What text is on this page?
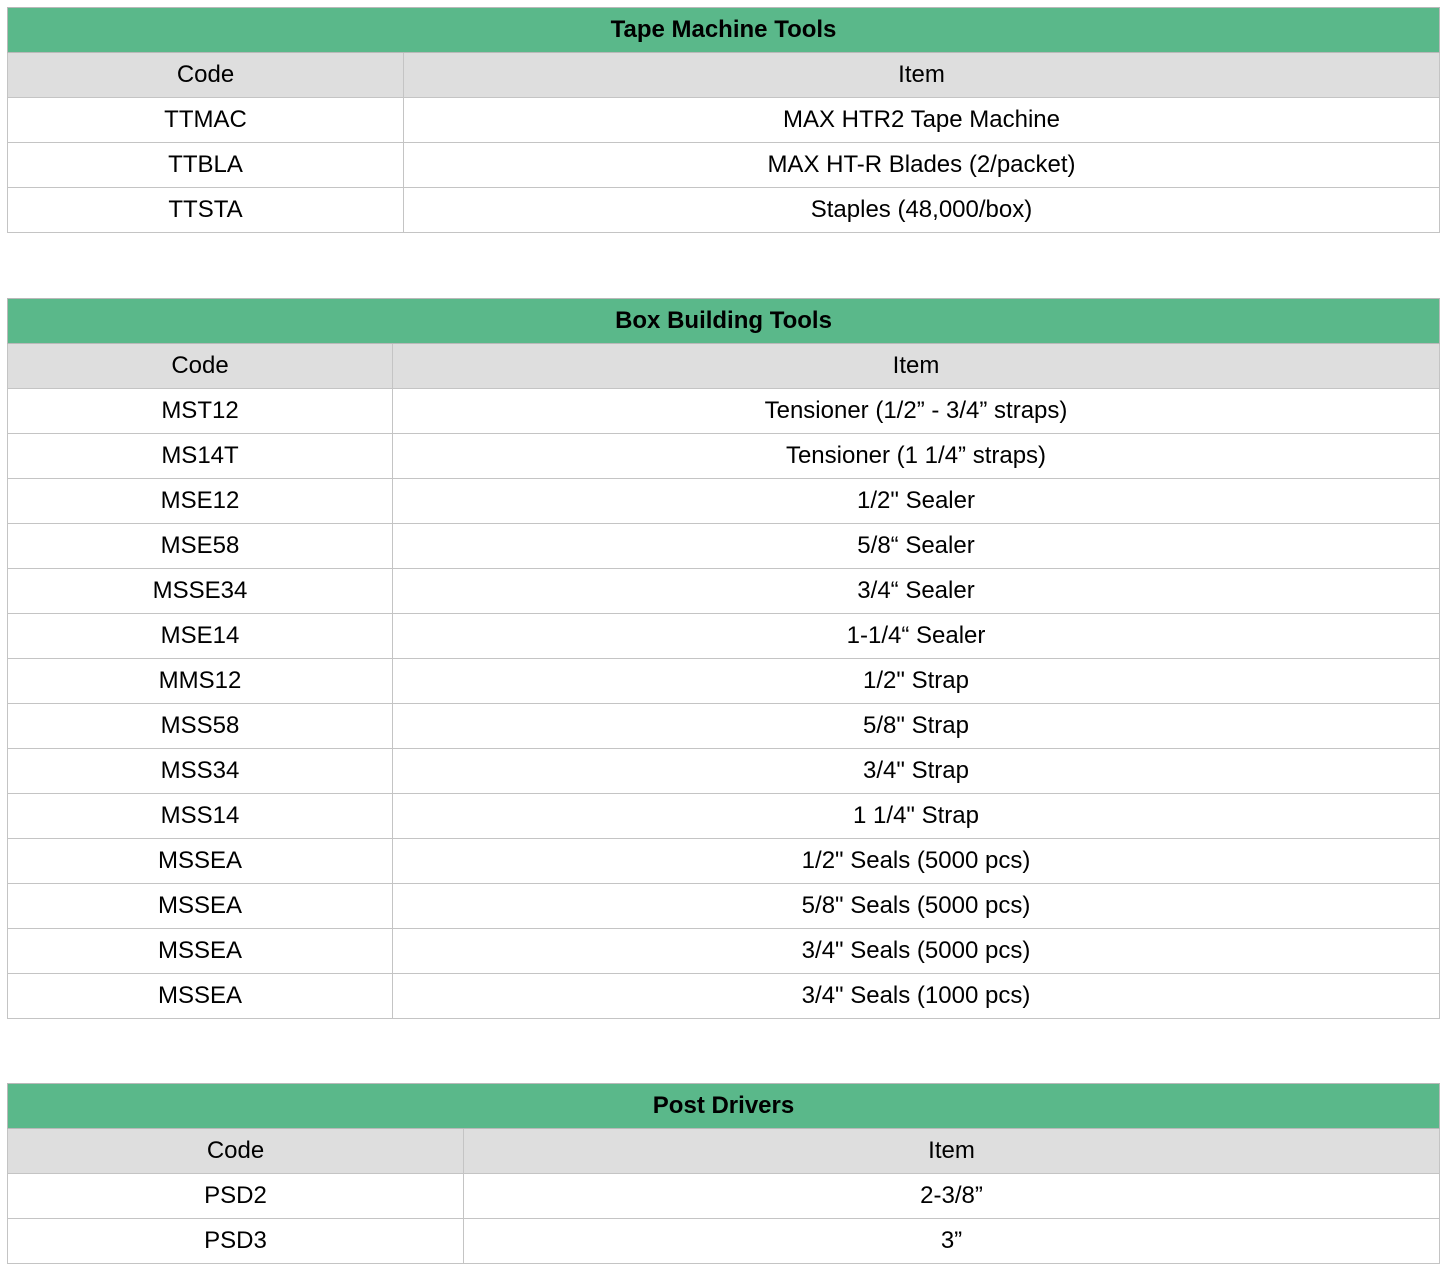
Tape Machine Tools	
Code	Item
TTMAC	MAX HTR2 Tape Machine
TTBLA	MAX HT-R Blades (2/packet)
TTSTA	Staples (48,000/box)
Box Building Tools	
Code	Item
MST12	Tensioner (1/2” - 3/4” straps)
MS14T	Tensioner (1 1/4” straps)
MSE12	1/2" Sealer
MSE58	5/8“ Sealer
MSSE34	3/4“ Sealer
MSE14	1-1/4“ Sealer
MMS12	1/2" Strap
MSS58	5/8" Strap
MSS34	3/4" Strap
MSS14	1 1/4" Strap
MSSEA	1/2" Seals (5000 pcs)
MSSEA	5/8" Seals (5000 pcs)
MSSEA	3/4" Seals (5000 pcs)
MSSEA	3/4" Seals (1000 pcs)
Post Drivers	
Code	Item
PSD2	2-3/8”
PSD3	3”
